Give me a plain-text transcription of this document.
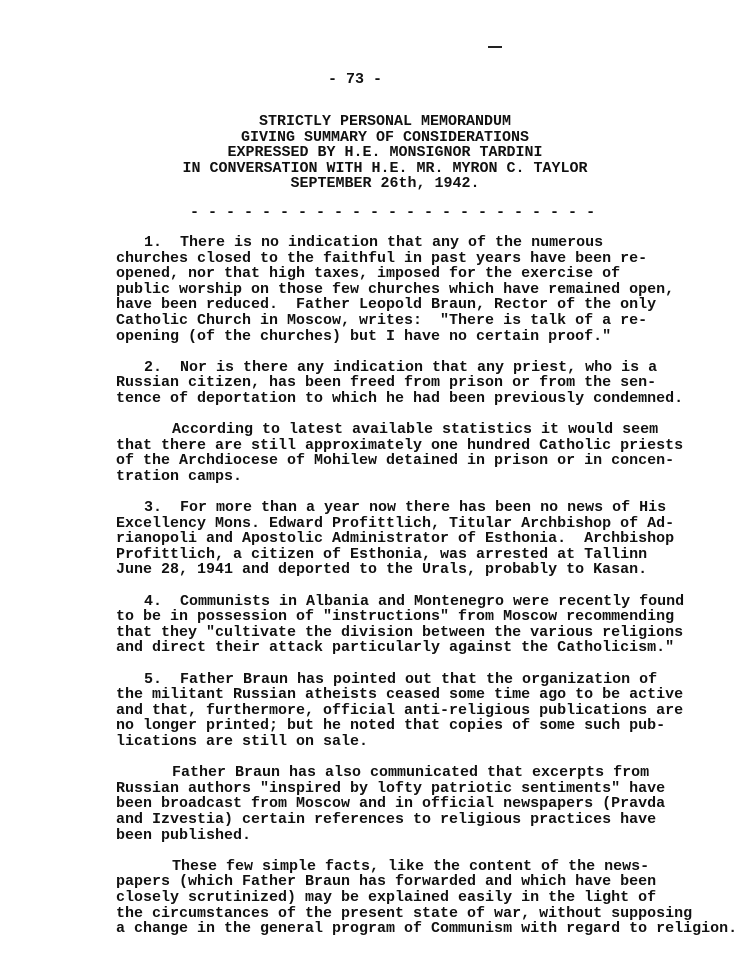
- 73 -
STRICTLY PERSONAL MEMORANDUM
GIVING SUMMARY OF CONSIDERATIONS
EXPRESSED BY H.E. MONSIGNOR TARDINI
IN CONVERSATION WITH H.E. MR. MYRON C. TAYLOR
SEPTEMBER 26th, 1942.
- - - - - - - - - - - - - - - - - - - - - - -
1.  There is no indication that any of the numerous
churches closed to the faithful in past years have been re-
opened, nor that high taxes, imposed for the exercise of
public worship on those few churches which have remained open,
have been reduced.  Father Leopold Braun, Rector of the only
Catholic Church in Moscow, writes:  "There is talk of a re-
opening (of the churches) but I have no certain proof."
2.  Nor is there any indication that any priest, who is a
Russian citizen, has been freed from prison or from the sen-
tence of deportation to which he had been previously condemned.
According to latest available statistics it would seem
that there are still approximately one hundred Catholic priests
of the Archdiocese of Mohilew detained in prison or in concen-
tration camps.
3.  For more than a year now there has been no news of His
Excellency Mons. Edward Profittlich, Titular Archbishop of Ad-
rianopoli and Apostolic Administrator of Esthonia.  Archbishop
Profittlich, a citizen of Esthonia, was arrested at Tallinn
June 28, 1941 and deported to the Urals, probably to Kasan.
4.  Communists in Albania and Montenegro were recently found
to be in possession of "instructions" from Moscow recommending
that they "cultivate the division between the various religions
and direct their attack particularly against the Catholicism."
5.  Father Braun has pointed out that the organization of
the militant Russian atheists ceased some time ago to be active
and that, furthermore, official anti-religious publications are
no longer printed; but he noted that copies of some such pub-
lications are still on sale.
Father Braun has also communicated that excerpts from
Russian authors "inspired by lofty patriotic sentiments" have
been broadcast from Moscow and in official newspapers (Pravda
and Izvestia) certain references to religious practices have
been published.
These few simple facts, like the content of the news-
papers (which Father Braun has forwarded and which have been
closely scrutinized) may be explained easily in the light of
the circumstances of the present state of war, without supposing
a change in the general program of Communism with regard to religion.
